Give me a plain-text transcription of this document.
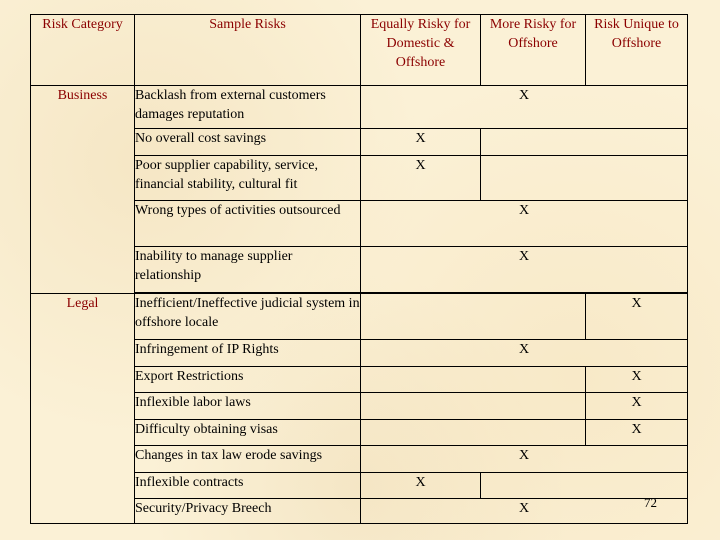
Risk Category	Sample Risks	Equally Risky for Domestic & Offshore	More Risky for Offshore	Risk Unique to Offshore
Business	Backlash from external customers damages reputation	X		
	No overall cost savings	X		
	Poor supplier capability, service, financial stability, cultural fit	X		
	Wrong types of activities outsourced	X		
	Inability to manage supplier relationship	X		

Legal	Inefficient/Ineffective judicial system in offshore locale			X
	Infringement of IP Rights	X		
	Export Restrictions			X
	Inflexible labor laws			X
	Difficulty obtaining visas			X
	Changes in tax law erode savings	X		
	Inflexible contracts	X		
	Security/Privacy Breech	X			72
